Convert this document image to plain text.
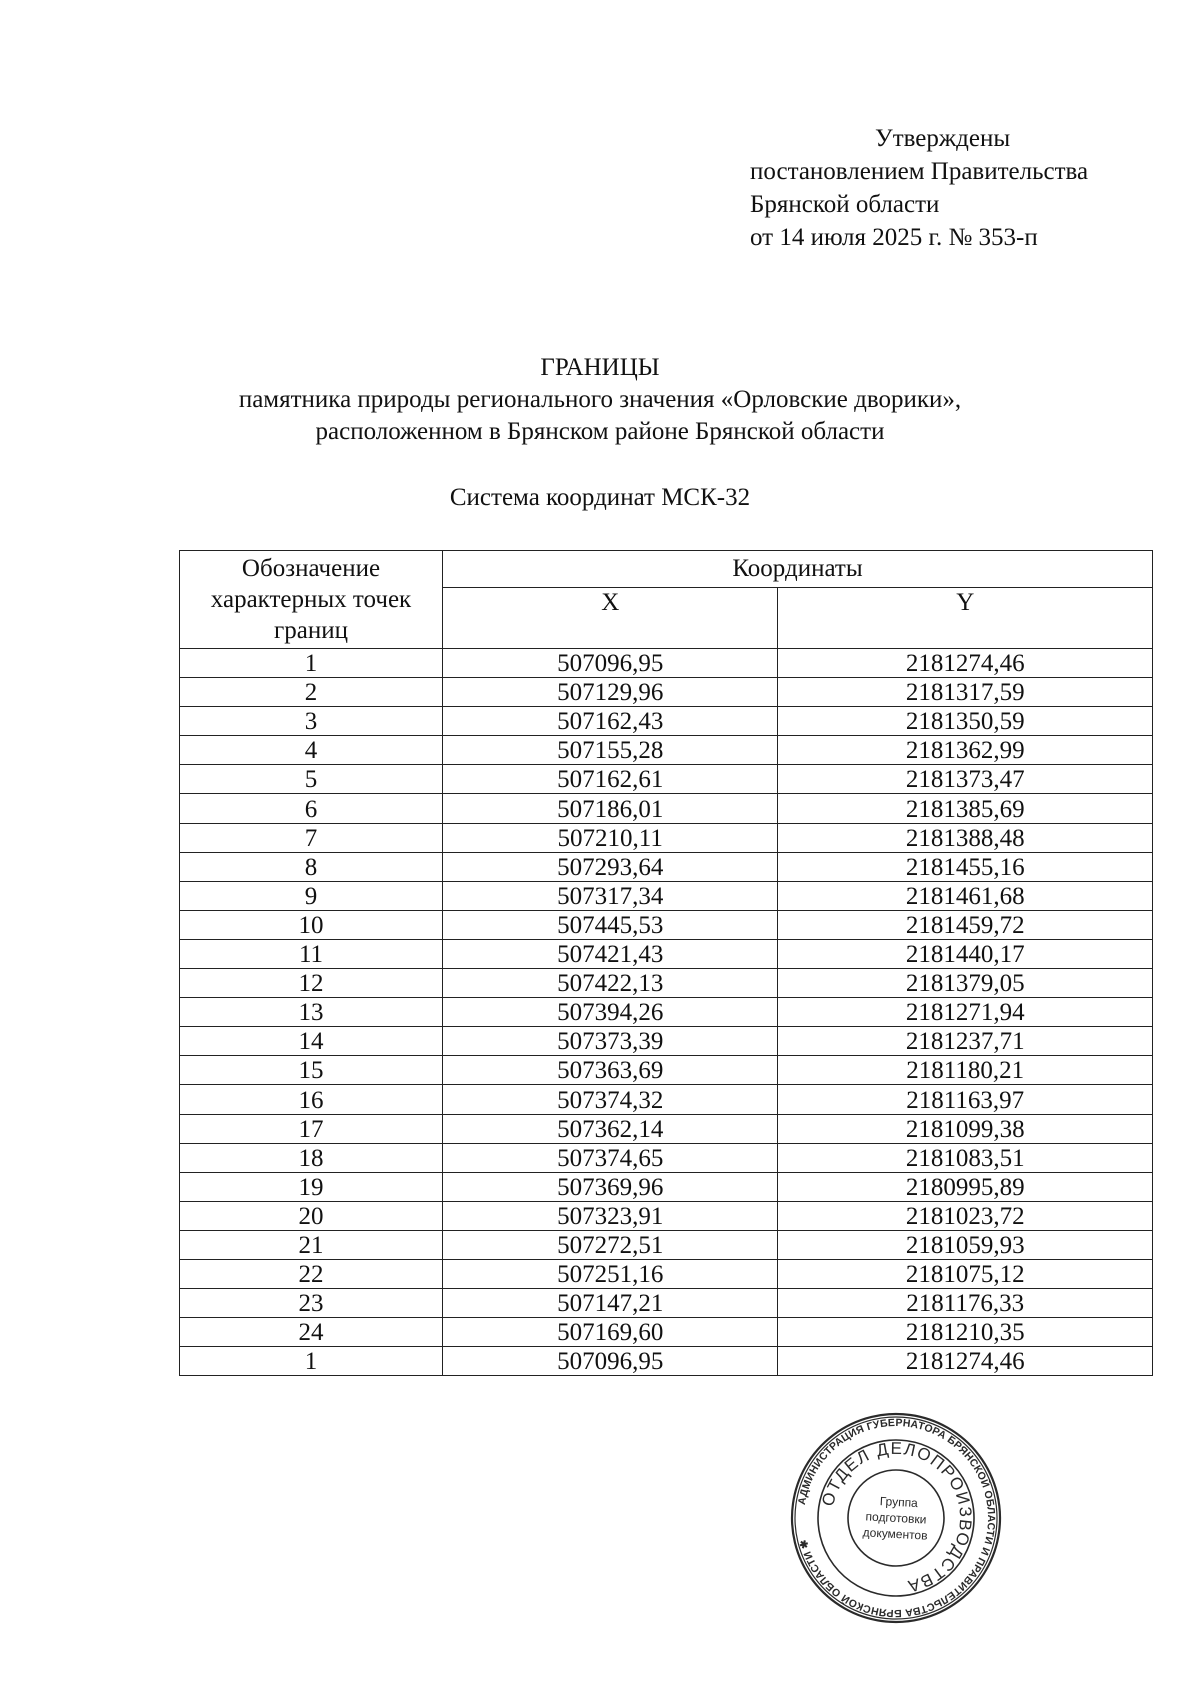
Утверждены
постановлением Правительства
Брянской области
от 14 июля 2025 г. № 353-п
ГРАНИЦЫ
памятника природы регионального значения «Орловские дворики»,
расположенном в Брянском районе Брянской области
Система координат МСК-32
Обозначение характерных точек границ	Координаты	
	X	Y
1	507096,95	2181274,46
2	507129,96	2181317,59
3	507162,43	2181350,59
4	507155,28	2181362,99
5	507162,61	2181373,47
6	507186,01	2181385,69
7	507210,11	2181388,48
8	507293,64	2181455,16
9	507317,34	2181461,68
10	507445,53	2181459,72
11	507421,43	2181440,17
12	507422,13	2181379,05
13	507394,26	2181271,94
14	507373,39	2181237,71
15	507363,69	2181180,21
16	507374,32	2181163,97
17	507362,14	2181099,38
18	507374,65	2181083,51
19	507369,96	2180995,89
20	507323,91	2181023,72
21	507272,51	2181059,93
22	507251,16	2181075,12
23	507147,21	2181176,33
24	507169,60	2181210,35
1	507096,95	2181274,46
АДМИНИСТРАЦИЯ ГУБЕРНАТОРА БРЯНСКОЙ ОБЛАСТИ И ПРАВИТЕЛЬСТВА БРЯНСКОЙ ОБЛАСТИ ✱
ОТДЕЛ ДЕЛОПРОИЗВОДСТВА
Группа
подготовки
документов
